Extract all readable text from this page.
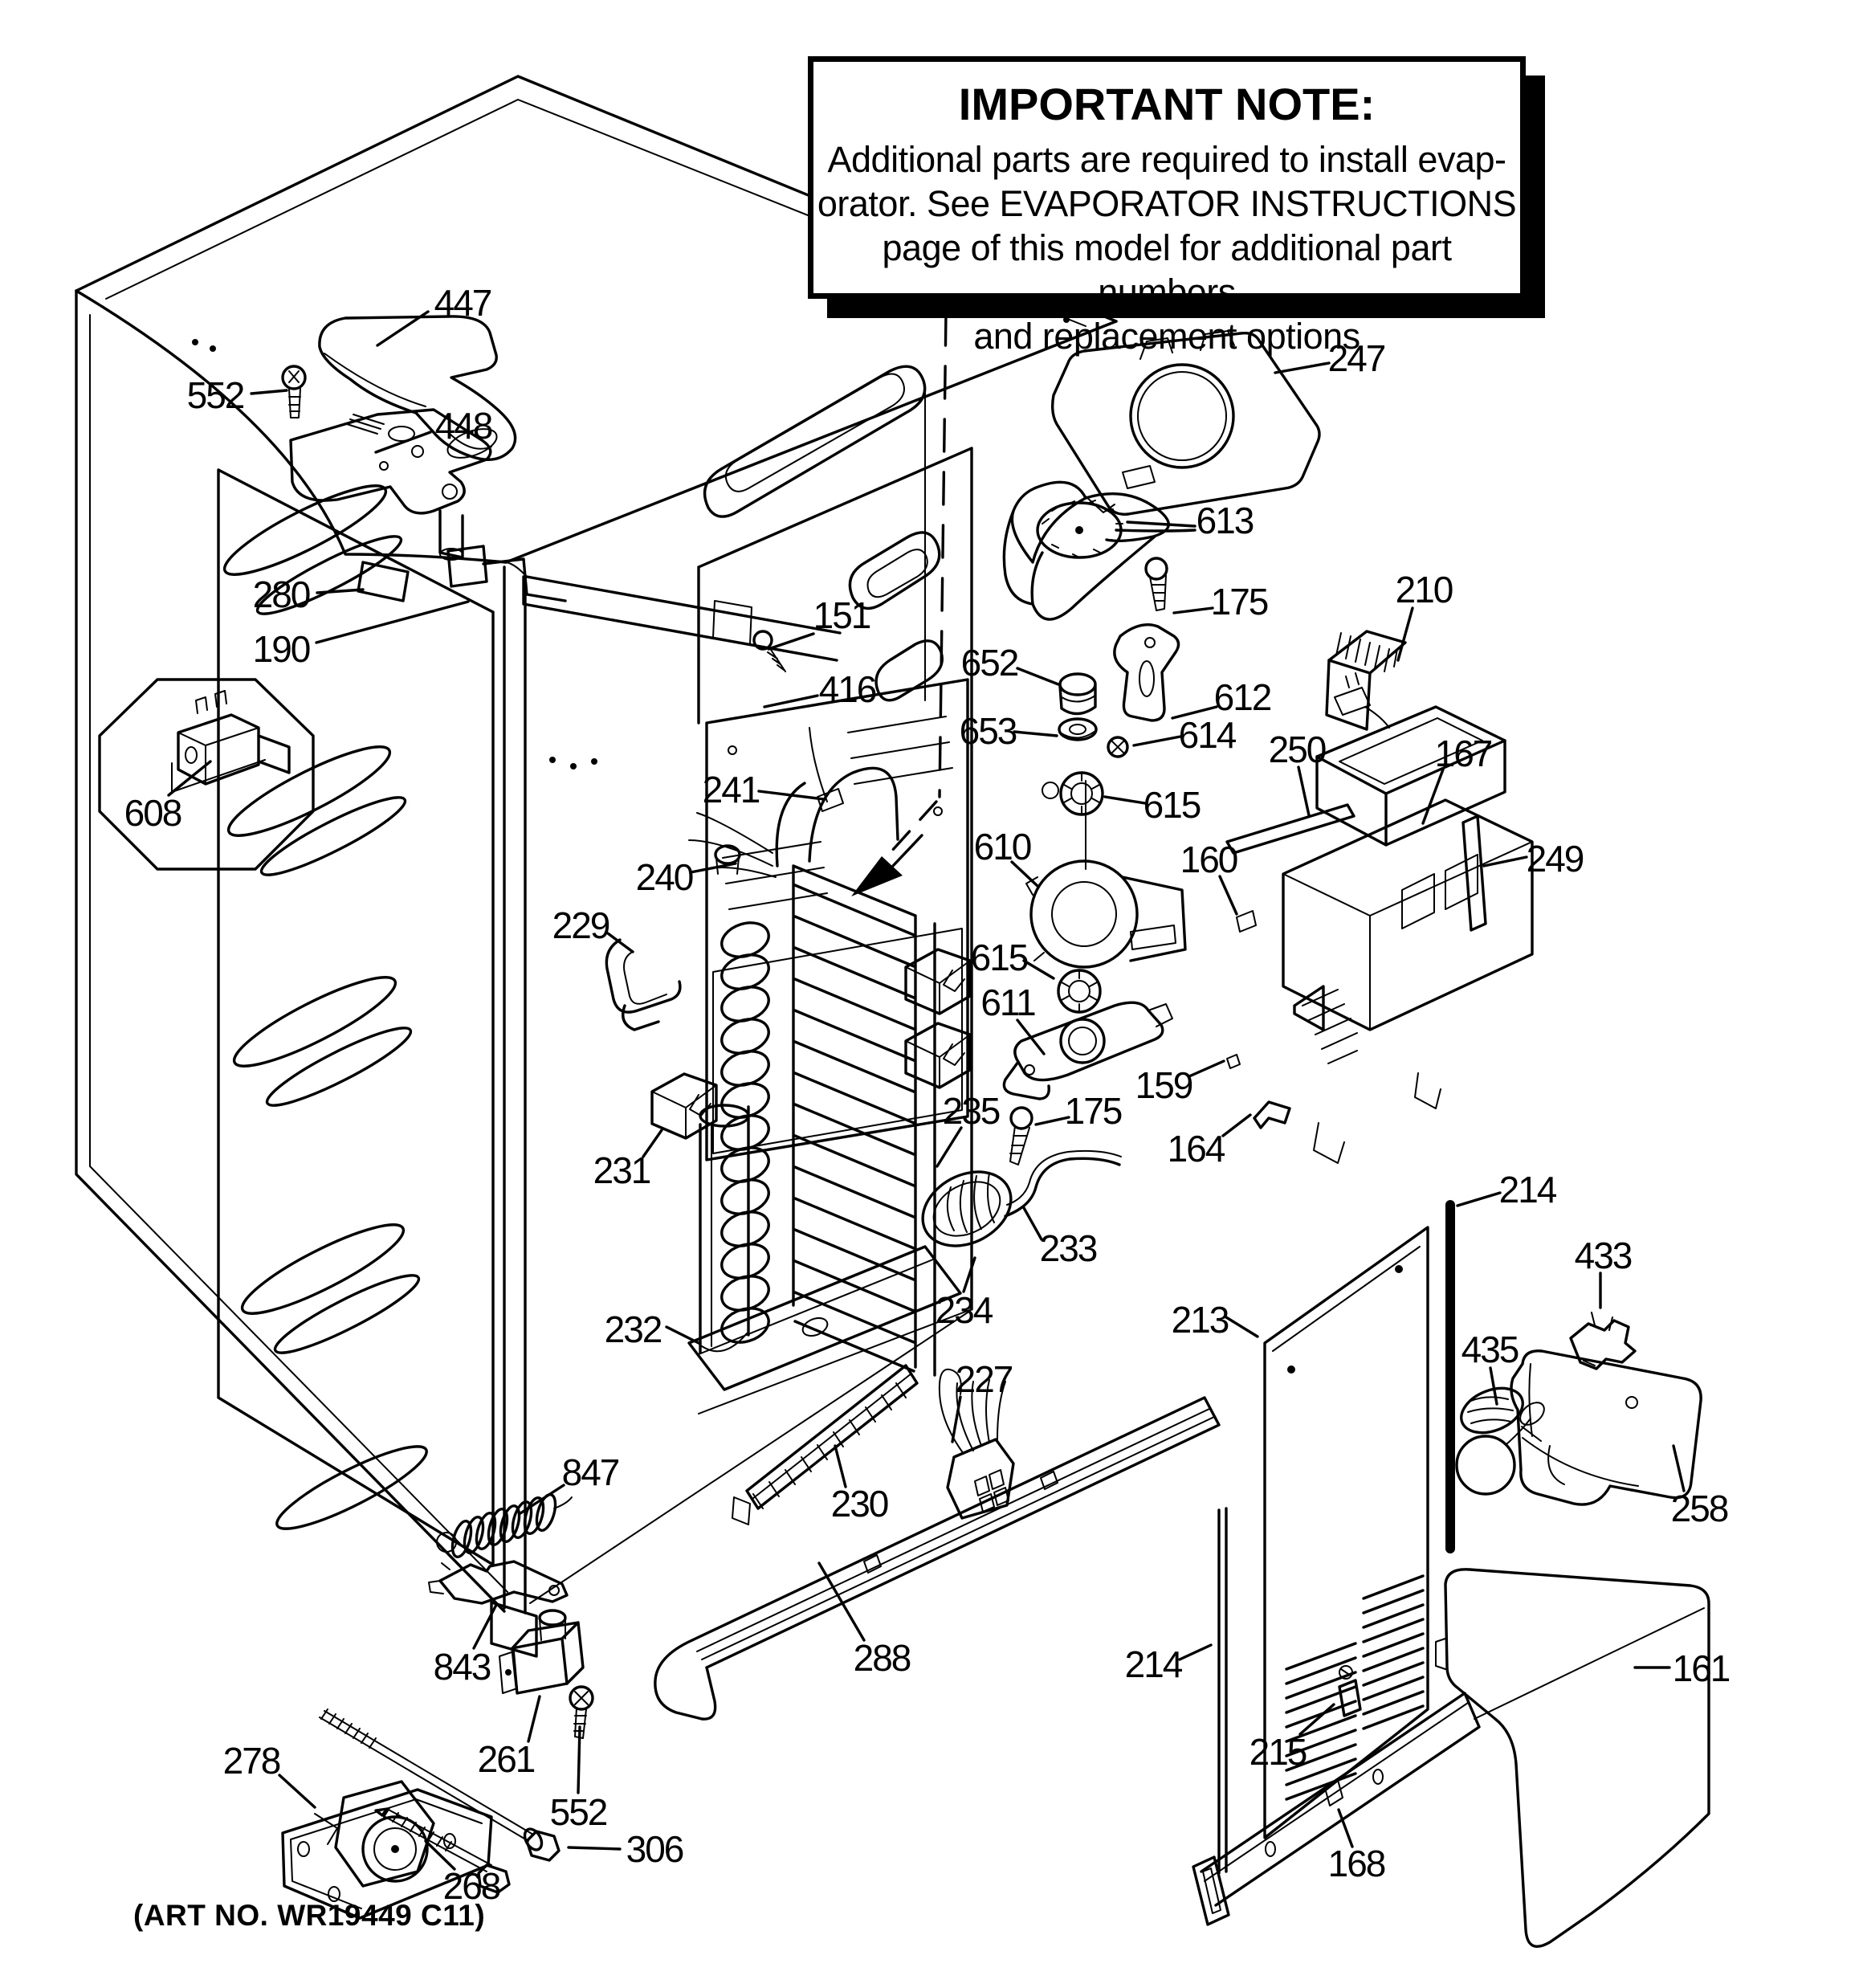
447
552
448
280
190
151
416
608
241
240
229
231
235
232	234
233
227
230
288
847
843
261
552
278
306
268
247
613
175
652
653
612
614
615
250
610	160
615
611
175
159
164
210
167
249
214
433
435
213
258
161
214
215
168
IMPORTANT NOTE:
Additional parts are required to install evap-
orator. See EVAPORATOR INSTRUCTIONS
page of this model for additional part numbers
and replacement options
(ART NO. WR19449 C11)
